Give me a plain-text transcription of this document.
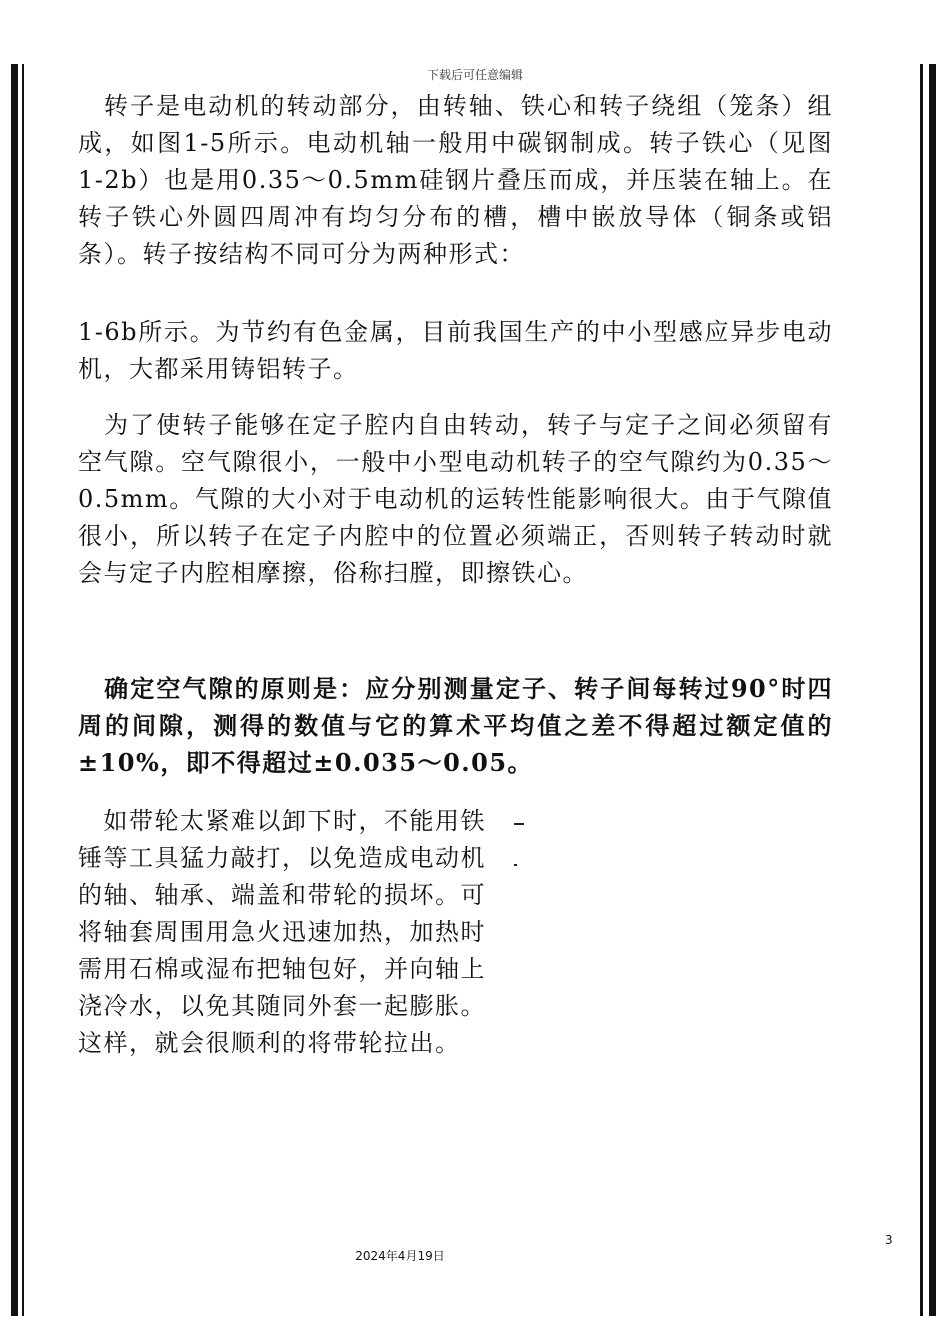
下载后可任意编辑
　转子是电动机的转动部分，由转轴、铁心和转子绕组（笼条）组成，如图1-5所示。电动机轴一般用中碳钢制成。转子铁心（见图1-2b）也是用0.35～0.5mm硅钢片叠压而成，并压装在轴上。在转子铁心外圆四周冲有均匀分布的槽，槽中嵌放导体（铜条或铝条）。转子按结构不同可分为两种形式：
1-6b所示。为节约有色金属，目前我国生产的中小型感应异步电动机，大都采用铸铝转子。
　为了使转子能够在定子腔内自由转动，转子与定子之间必须留有空气隙。空气隙很小，一般中小型电动机转子的空气隙约为0.35～0.5mm。气隙的大小对于电动机的运转性能影响很大。由于气隙值很小，所以转子在定子内腔中的位置必须端正，否则转子转动时就会与定子内腔相摩擦，俗称扫膛，即擦铁心。
　确定空气隙的原则是：应分别测量定子、转子间每转过90°时四周的间隙，测得的数值与它的算术平均值之差不得超过额定值的±10%，即不得超过±0.035～0.05。
　如带轮太紧难以卸下时，不能用铁锤等工具猛力敲打，以免造成电动机的轴、轴承、端盖和带轮的损坏。可将轴套周围用急火迅速加热，加热时需用石棉或湿布把轴包好，并向轴上浇冷水，以免其随同外套一起膨胀。这样，就会很顺利的将带轮拉出。
3
2024年4月19日
